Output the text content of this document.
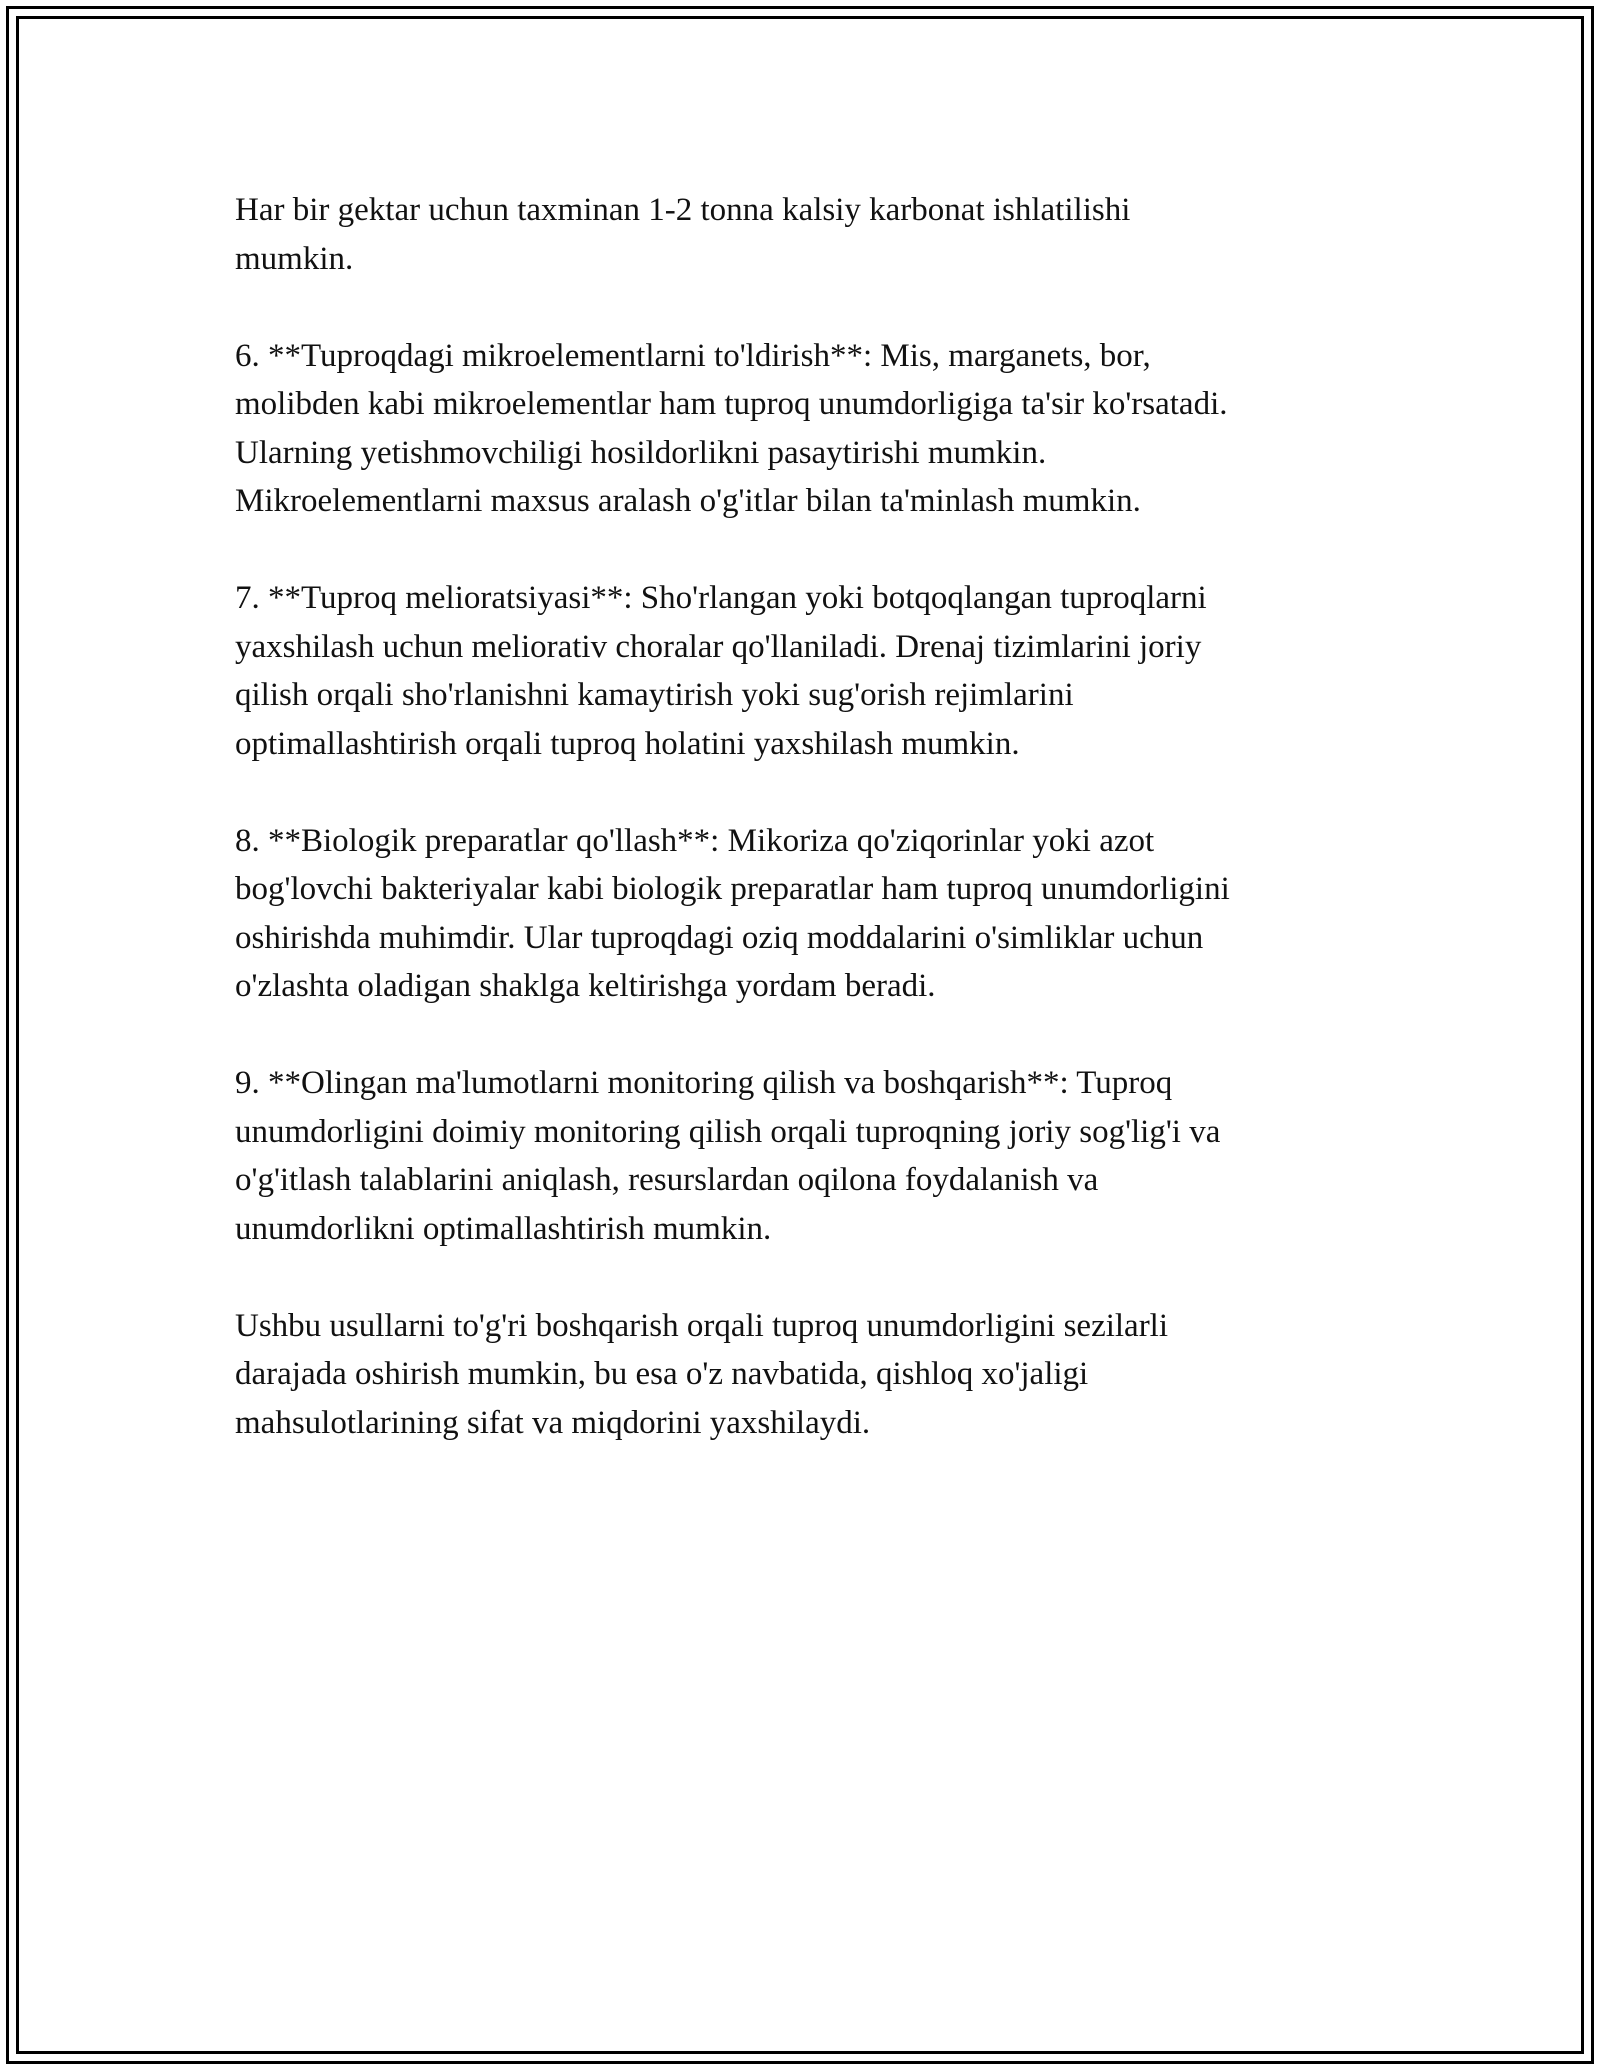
Har bir gektar uchun taxminan 1-2 tonna kalsiy karbonat ishlatilishi
mumkin.

6. **Tuproqdagi mikroelementlarni to'ldirish**: Mis, marganets, bor,
molibden kabi mikroelementlar ham tuproq unumdorligiga ta'sir ko'rsatadi.
Ularning yetishmovchiligi hosildorlikni pasaytirishi mumkin.
Mikroelementlarni maxsus aralash o'g'itlar bilan ta'minlash mumkin.

7. **Tuproq melioratsiyasi**: Sho'rlangan yoki botqoqlangan tuproqlarni
yaxshilash uchun meliorativ choralar qo'llaniladi. Drenaj tizimlarini joriy
qilish orqali sho'rlanishni kamaytirish yoki sug'orish rejimlarini
optimallashtirish orqali tuproq holatini yaxshilash mumkin.

8. **Biologik preparatlar qo'llash**: Mikoriza qo'ziqorinlar yoki azot
bog'lovchi bakteriyalar kabi biologik preparatlar ham tuproq unumdorligini
oshirishda muhimdir. Ular tuproqdagi oziq moddalarini o'simliklar uchun
o'zlashta oladigan shaklga keltirishga yordam beradi.

9. **Olingan ma'lumotlarni monitoring qilish va boshqarish**: Tuproq
unumdorligini doimiy monitoring qilish orqali tuproqning joriy sog'lig'i va
o'g'itlash talablarini aniqlash, resurslardan oqilona foydalanish va
unumdorlikni optimallashtirish mumkin.

Ushbu usullarni to'g'ri boshqarish orqali tuproq unumdorligini sezilarli
darajada oshirish mumkin, bu esa o'z navbatida, qishloq xo'jaligi
mahsulotlarining sifat va miqdorini yaxshilaydi.
